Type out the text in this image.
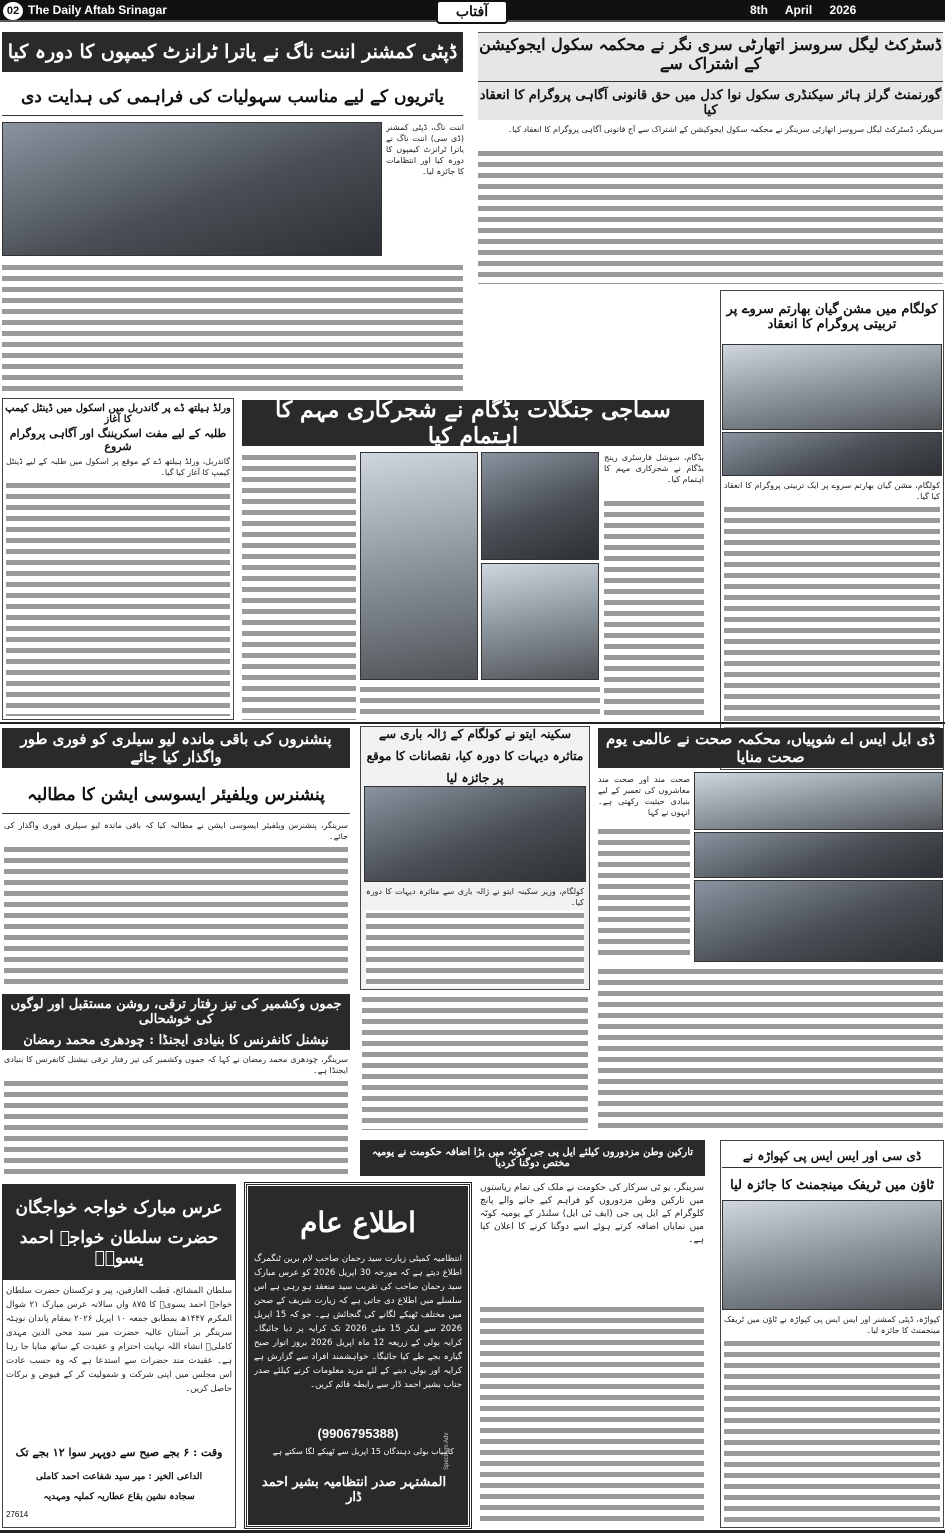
02 The Daily Aftab Srinagar	آفتاب	8th April 2026
ڈپٹی کمشنر اننت ناگ نے یاترا ٹرانزٹ کیمپوں کا دورہ کیا
یاتریوں کے لیے مناسب سہولیات کی فراہمی کی ہدایت دی
اننت ناگ، ڈپٹی کمشنر (ڈی سی) اننت ناگ نے یاترا ٹرانزٹ کیمپوں کا دورہ کیا اور انتظامات کا جائزہ لیا۔
ڈسٹرکٹ لیگل سروسز اتھارٹی سری نگر نے محکمہ سکول ایجوکیشن کے اشتراک سے
گورنمنٹ گرلز ہائر سیکنڈری سکول نوا کدل میں حق قانونی آگاہی پروگرام کا انعقاد کیا
سرینگر، ڈسٹرکٹ لیگل سروسز اتھارٹی سرینگر نے محکمہ سکول ایجوکیشن کے اشتراک سے آج قانونی آگاہی پروگرام کا انعقاد کیا۔
کولگام میں مشن گیان بھارتم سروے پر
تربیتی پروگرام کا انعقاد
کولگام، مشن گیان بھارتم سروے پر ایک تربیتی پروگرام کا انعقاد کیا گیا۔
ورلڈ ہیلتھ ڈے پر گاندربل میں اسکول میں ڈینٹل کیمپ کا آغاز
طلبہ کے لیے مفت اسکریننگ اور آگاہی پروگرام شروع
گاندربل، ورلڈ ہیلتھ ڈے کے موقع پر اسکول میں طلبہ کے لیے ڈینٹل کیمپ کا آغاز کیا گیا۔
سماجی جنگلات بڈگام نے شجرکاری مہم کا اہتمام کیا
بڈگام، سوشل فارسٹری رینج بڈگام نے شجرکاری مہم کا اہتمام کیا۔
پنشنروں کی باقی ماندہ لیو سیلری کو فوری طور واگذار کیا جائے
پنشنرس ویلفیئر ایسوسی ایشن کا مطالبہ
سرینگر، پنشنرس ویلفیئر ایسوسی ایشن نے مطالبہ کیا کہ باقی ماندہ لیو سیلری فوری واگذار کی جائے۔
سکینہ ایتو نے کولگام کے ژالہ باری سے متاثرہ دیہات کا دورہ کیا، نقصانات کا موقع پر جائزہ لیا
کولگام، وزیر سکینہ ایتو نے ژالہ باری سے متاثرہ دیہات کا دورہ کیا۔
ڈی ایل ایس اے شوپیاں، محکمہ صحت نے عالمی یوم صحت منایا
صحت مند اور صحت مند معاشروں کی تعمیر کے لیے بنیادی حیثیت رکھتی ہے۔ انہوں نے کہا
جموں وکشمیر کی تیز رفتار ترقی، روشن مستقبل اور لوگوں کی خوشحالی
نیشنل کانفرنس کا بنیادی ایجنڈا : چودھری محمد رمضان
سرینگر، چودھری محمد رمضان نے کہا کہ جموں وکشمیر کی تیز رفتار ترقی نیشنل کانفرنس کا بنیادی ایجنڈا ہے۔
تارکین وطن مزدوروں کیلئے ایل پی جی کوٹہ میں بڑا اضافہ حکومت نے یومیہ مختص دوگنا کردیا
سرینگر، یو ٹی سرکار کی حکومت نے ملک کی تمام ریاستوں میں تارکین وطن مزدوروں کو فراہم کیے جانے والے پانچ کلوگرام کے ایل پی جی (ایف ٹی ایل) سلنڈر کے یومیہ کوٹہ میں نمایاں اضافہ کرتے ہوئے اسے دوگنا کرنے کا اعلان کیا ہے۔
ڈی سی اور ایس ایس پی کپواڑہ نے
ٹاؤن میں ٹریفک مینجمنٹ کا جائزہ لیا
کپواڑہ، ڈپٹی کمشنر اور ایس ایس پی کپواڑہ نے ٹاؤن میں ٹریفک مینجمنٹ کا جائزہ لیا۔
عرس مبارک خواجہ خواجگان
حضرت سلطان خواجہ احمد یسویؒ
سلطان المشائخ، قطب العارفین، پیر و ترکستان حضرت سلطان خواجہ احمد یسویؒ کا ۸۷۵ واں سالانہ عرس مبارک ۲۱ شوال المکرم ۱۴۴۷ھ بمطابق جمعہ ۱۰ اپریل ۲۰۲۶ بمقام پاندان نوہٹہ سرینگر بر آستان عالیہ حضرت میر سید محی الدین مہدی کاملیؒ انشاء اللہ نہایت احترام و عقیدت کے ساتھ منایا جا رہا ہے۔ عقیدت مند حضرات سے استدعا ہے کہ وہ حسب عادت اس مجلس میں اپنی شرکت و شمولیت کر کے فیوض و برکات حاصل کریں۔
وقت : ۶ بجے صبح سے دوپہر سوا ۱۲ بجے تک
الداعی الخیر : میر سید شفاعت احمد کاملی
سجادہ نشین بقاع عطاریہ کملیہ ومہدیہ
27614
اطلاع عام
انتظامیہ کمیٹی زیارت سید رحمان صاحب لام برین ٹنگمرگ اطلاع دیتے ہے کہ مورخہ 30 اپریل 2026 کو عرس مبارک سید رحمان صاحب کی تقریب سید منعقد ہو رہی ہے اس سلسلے میں اطلاع دی جاتی ہے کہ زیارت شریف کے صحن میں مختلف ٹھیکے لگانے کی گنجائش ہے۔ جو کہ 15 اپریل 2026 سے لیکر 15 مئی 2026 تک کرایہ پر دیا جائیگا۔ کرایہ بولی کے زریعہ 12 ماہ اپریل 2026 بروز اتوار صبح گیارہ بجے طے کیا جائیگا۔ خواہشمند افراد سے گزارش ہے کرایہ اور بولی دینے کے لئے مزید معلومات کرنے کیلئے صدر جناب بشیر احمد ڈار سے رابطہ قائم کریں۔
(9906795388)
کامیاب بولی دہندگان 15 اپریل سے ٹھیکے لگا سکتے ہے
المشتہر صدر انتظامیہ بشیر احمد ڈار
Spectrum Adv
